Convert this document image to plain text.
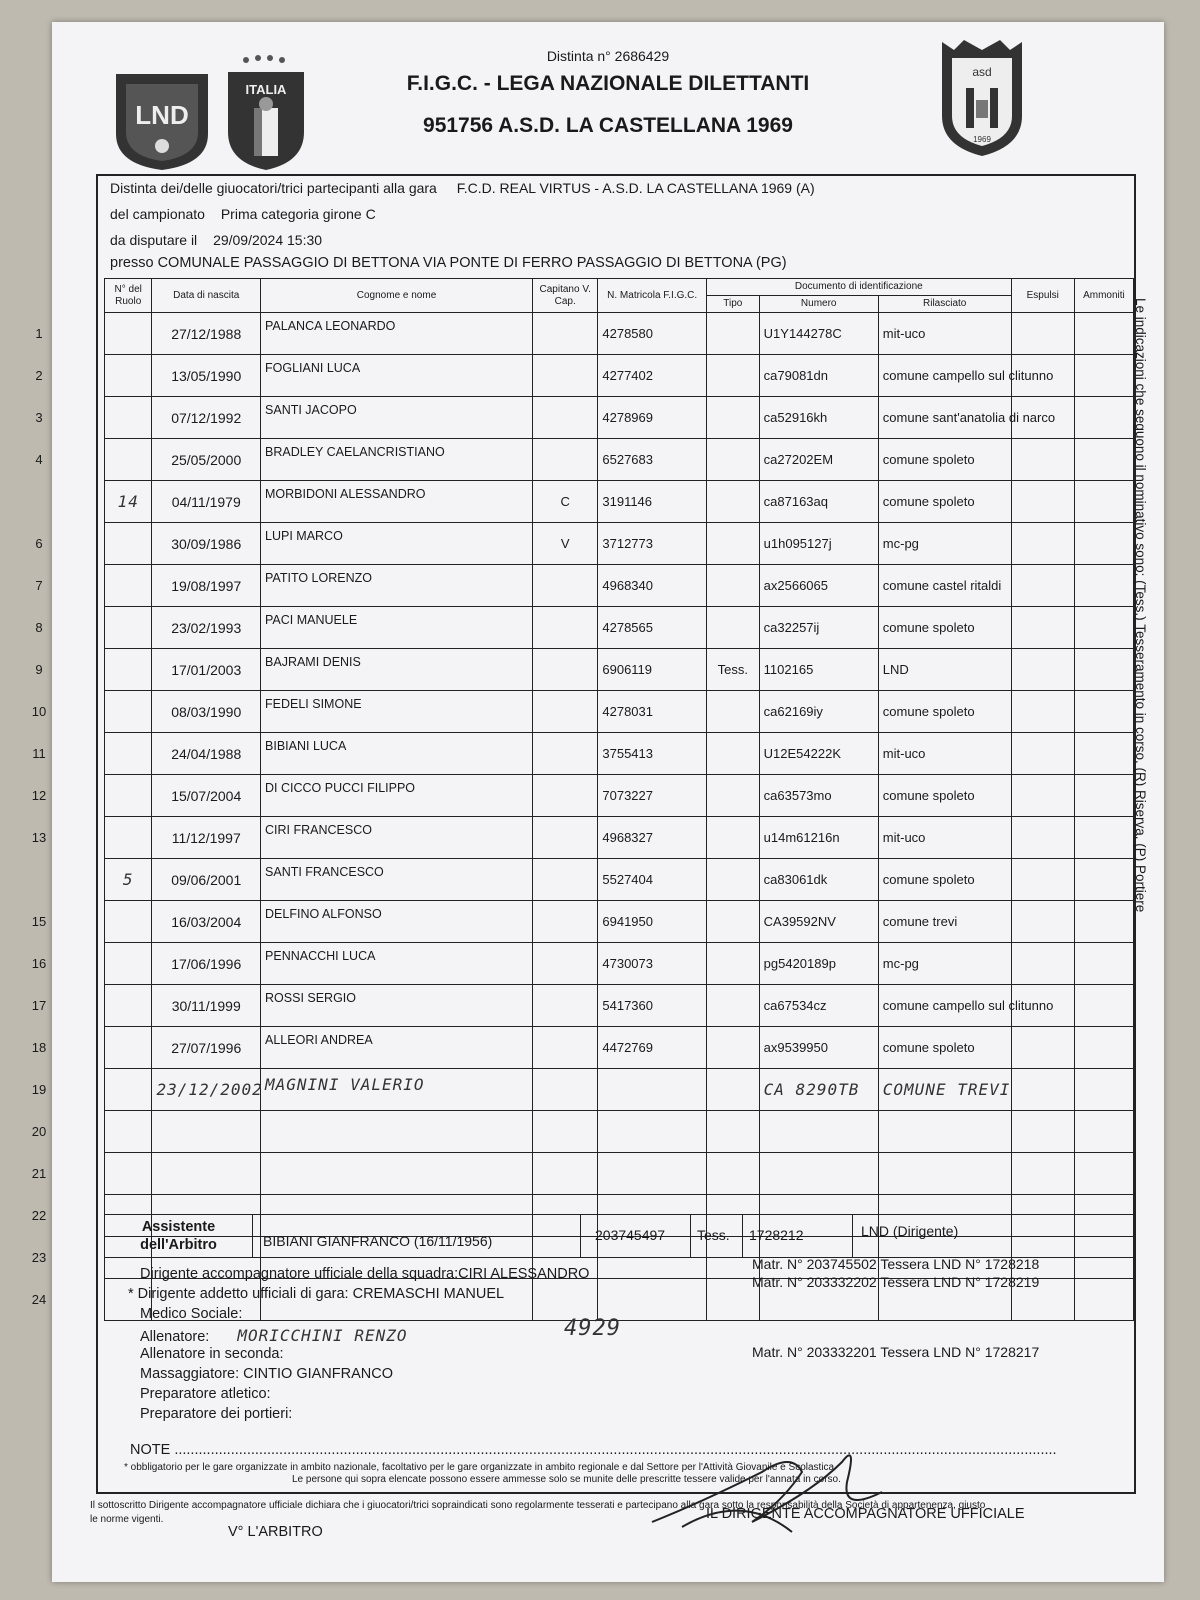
LND
ITALIA
asd
1969
Distinta n° 2686429
F.I.G.C. - LEGA NAZIONALE DILETTANTI
951756 A.S.D. LA CASTELLANA 1969
Distinta dei/delle giuocatori/trici partecipanti alla gara F.C.D. REAL VIRTUS - A.S.D. LA CASTELLANA 1969 (A)
del campionato Prima categoria girone C
da disputare il 29/09/2024 15:30
presso COMUNALE PASSAGGIO DI BETTONA VIA PONTE DI FERRO PASSAGGIO DI BETTONA (PG)
N° del Ruolo	Data di nascita	Cognome e nome	Capitano V. Cap.	N. Matricola F.I.G.C.	Documento di identificazione			Espulsi	Ammoniti
					Tipo	Numero	Rilasciato		
	27/12/1988	PALANCA LEONARDO		4278580		U1Y144278C	mit-uco		
	13/05/1990	FOGLIANI LUCA		4277402		ca79081dn	comune campello sul clitunno		
	07/12/1992	SANTI JACOPO		4278969		ca52916kh	comune sant'anatolia di narco		
	25/05/2000	BRADLEY CAELANCRISTIANO		6527683		ca27202EM	comune spoleto		
14	04/11/1979	MORBIDONI ALESSANDRO	C	3191146		ca87163aq	comune spoleto		
	30/09/1986	LUPI MARCO	V	3712773		u1h095127j	mc-pg		
	19/08/1997	PATITO LORENZO		4968340		ax2566065	comune castel ritaldi		
	23/02/1993	PACI MANUELE		4278565		ca32257ij	comune spoleto		
	17/01/2003	BAJRAMI DENIS		6906119	Tess.	1102165	LND		
	08/03/1990	FEDELI SIMONE		4278031		ca62169iy	comune spoleto		
	24/04/1988	BIBIANI LUCA		3755413		U12E54222K	mit-uco		
	15/07/2004	DI CICCO PUCCI FILIPPO		7073227		ca63573mo	comune spoleto		
	11/12/1997	CIRI FRANCESCO		4968327		u14m61216n	mit-uco		
5	09/06/2001	SANTI FRANCESCO		5527404		ca83061dk	comune spoleto		
	16/03/2004	DELFINO ALFONSO		6941950		CA39592NV	comune trevi		
	17/06/1996	PENNACCHI LUCA		4730073		pg5420189p	mc-pg		
	30/11/1999	ROSSI SERGIO		5417360		ca67534cz	comune campello sul clitunno		
	27/07/1996	ALLEORI ANDREA		4472769		ax9539950	comune spoleto		
	23/12/2002	MAGNINI VALERIO				CA 8290TB	COMUNE TREVI		

Assistente
dell'Arbitro	BIBIANI GIANFRANCO (16/11/1956)	203745497	Tess.	1728212	LND (Dirigente)
Dirigente accompagnatore ufficiale della squadra:CIRI ALESSANDRO
* Dirigente addetto ufficiali di gara: CREMASCHI MANUEL
Medico Sociale:
Allenatore: MORICCHINI RENZO	4929
Allenatore in seconda:
Massaggiatore: CINTIO GIANFRANCO
Preparatore atletico:
Preparatore dei portieri:
Matr. N° 203745502 Tessera LND N° 1728218
Matr. N° 203332202 Tessera LND N° 1728219
Matr. N° 203332201 Tessera LND N° 1728217
NOTE ...........................................................................................................................................................................................................................
* obbligatorio per le gare organizzate in ambito nazionale, facoltativo per le gare organizzate in ambito regionale e dal Settore per l'Attività Giovanile e Scolastica
Le persone qui sopra elencate possono essere ammesse solo se munite delle prescritte tessere valide per l'annata in corso.
Il sottoscritto Dirigente accompagnatore ufficiale dichiara che i giuocatori/trici sopraindicati sono regolarmente tesserati e partecipano alla gara sotto la responsabilità della Società di appartenenza, giusto
le norme vigenti.
V° L'ARBITRO
IL DIRIGENTE ACCOMPAGNATORE UFFICIALE
Le indicazioni che seguono il nominativo sono: (Tess.) Tesseramento in corso, (R) Riserva, (P) Portiere
1
2
3
4
6
7
8
9
10
11
12
13
15
16
17
18
19
20
21
22
23
24
